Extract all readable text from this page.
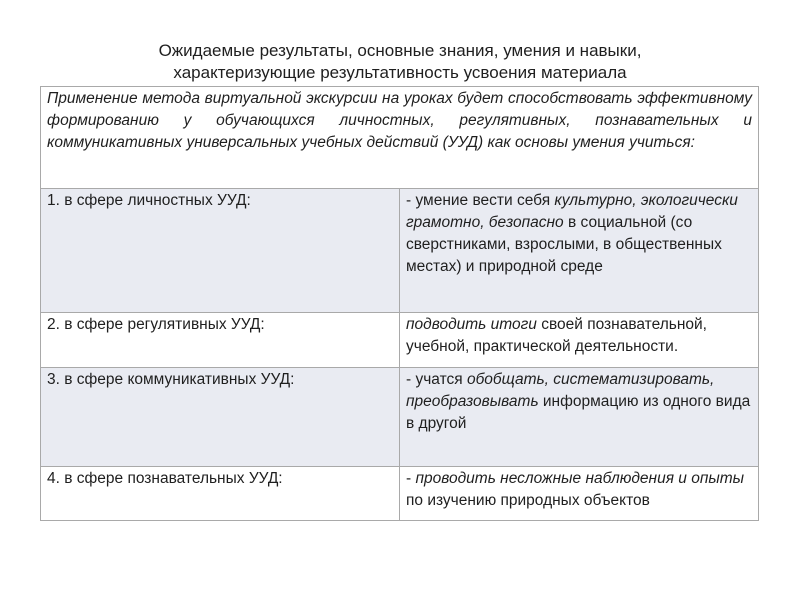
Ожидаемые результаты, основные знания, умения и навыки,
характеризующие результативность усвоения материала
Применение метода виртуальной экскурсии на уроках будет способствовать эффективному формированию у обучающихся личностных, регулятивных, познавательных и коммуникативных универсальных учебных действий (УУД) как основы умения учиться:	
1. в сфере личностных УУД:	- умение вести себя культурно, экологически грамотно, безопасно в социальной (со сверстниками, взрослыми, в общественных местах) и природной среде
2. в сфере регулятивных УУД:	подводить итоги своей познавательной, учебной, практической деятельности.
3. в сфере коммуникативных УУД:	- учатся обобщать, систематизировать, преобразовывать информацию из одного вида в другой
4. в сфере познавательных УУД:	- проводить несложные наблюдения и опыты по изучению природных объектов
